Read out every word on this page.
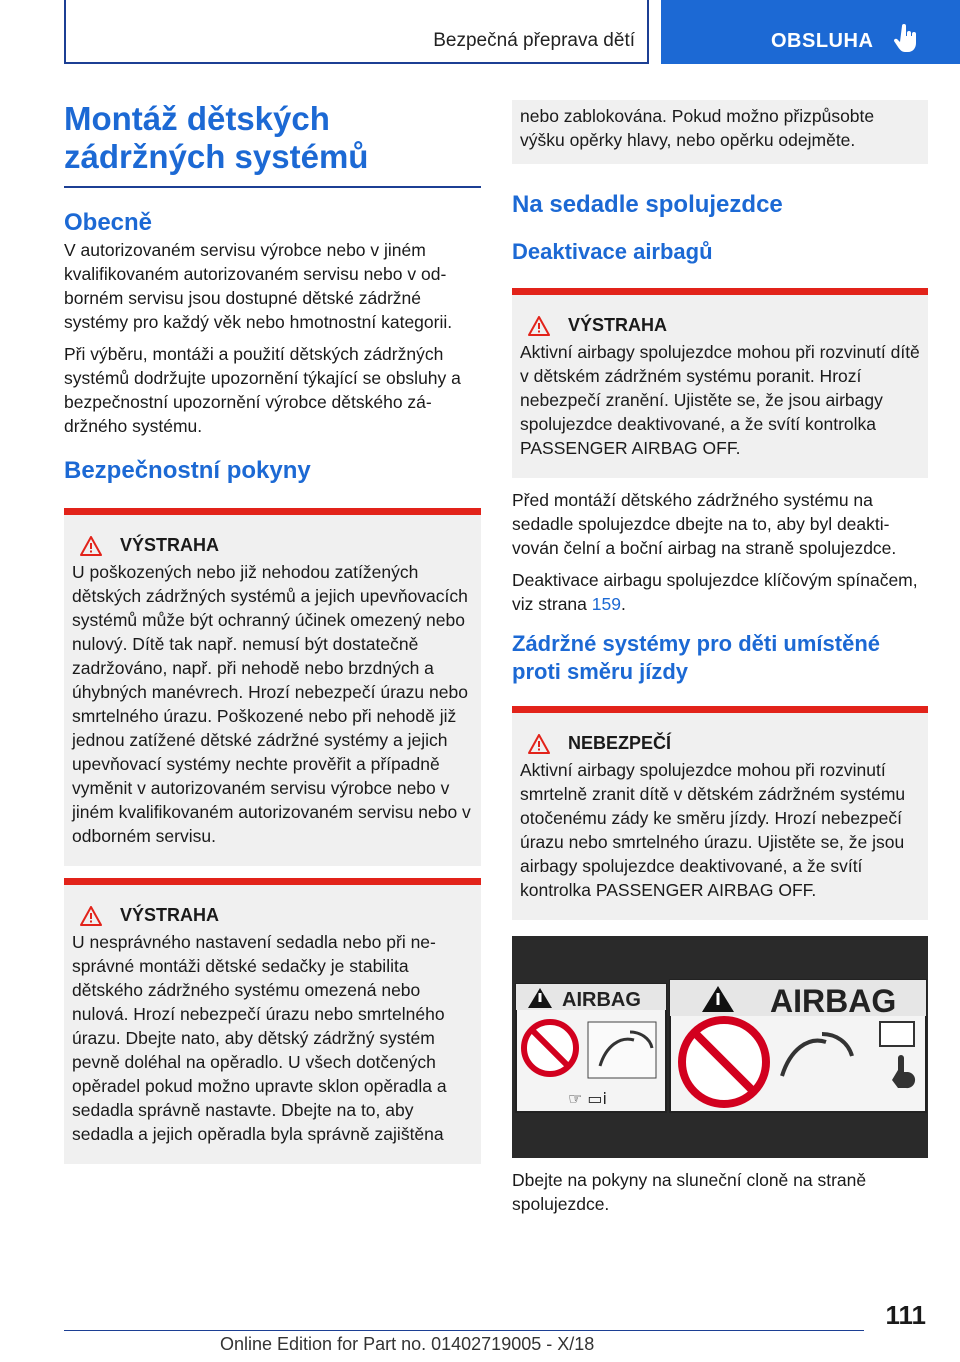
Bezpečná přeprava dětí	OBSLUHA
Montáž dětských zádržných systémů
Obecně

V autorizovaném servisu výrobce nebo v jiném kvalifikovaném autorizovaném servisu nebo v odborném servisu jsou dostupné dětské zádržné systémy pro každý věk nebo hmotnostní kategorii.

Při výběru, montáži a použití dětských zádržných systémů dodržujte upozornění týkající se obsluhy a bezpečnostní upozornění výrobce dětského zádržného systému.

Bezpečnostní pokyny
VÝSTRAHA

U poškozených nebo již nehodou zatížených dětských zádržných systémů a jejich upevňovacích systémů může být ochranný účinek omezený nebo nulový. Dítě tak např. nemusí být dostatečně zadržováno, např. při nehodě nebo brzdných a úhybných manévrech. Hrozí nebezpečí úrazu nebo smrtelného úrazu. Poškozené nebo při nehodě již jednou zatížené dětské zádržné systémy a jejich upevňovací systémy nechte prověřit a případně vyměnit v autorizovaném servisu výrobce nebo v jiném kvalifikovaném autorizovaném servisu nebo v odborném servisu.

VÝSTRAHA

U nesprávného nastavení sedadla nebo při nesprávné montáži dětské sedačky je stabilita dětského zádržného systému omezená nebo nulová. Hrozí nebezpečí úrazu nebo smrtelného úrazu. Dbejte nato, aby dětský zádržný systém pevně doléhal na opěradlo. U všech dotčených opěradel pokud možno upravte sklon opěradla a sedadla správně nastavte. Dbejte na to, aby sedadla a jejich opěradla byla správně zajištěna

nebo zablokována. Pokud možno přizpůsobte výšku opěrky hlavy, nebo opěrku odejměte.

Na sedadle spolujezdce
Deaktivace airbagů
VÝSTRAHA

Aktivní airbagy spolujezdce mohou při rozvinutí dítě v dětském zádržném systému poranit. Hrozí nebezpečí zranění. Ujistěte se, že jsou airbagy spolujezdce deaktivované, a že svítí kontrolka PASSENGER AIRBAG OFF.

Před montáží dětského zádržného systému na sedadle spolujezdce dbejte na to, aby byl deaktivován čelní a boční airbag na straně spolujezdce.

Deaktivace airbagu spolujezdce klíčovým spínačem, viz strana 159.

Zádržné systémy pro děti umístěné proti směru jízdy
NEBEZPEČÍ

Aktivní airbagy spolujezdce mohou při rozvinutí smrtelně zranit dítě v dětském zádržném systému otočenému zády ke směru jízdy. Hrozí nebezpečí úrazu nebo smrtelného úrazu. Ujistěte se, že jsou airbagy spolujezdce deaktivované, a že svítí kontrolka PASSENGER AIRBAG OFF.

AIRBAG
☞ ▭i
AIRBAG

Dbejte na pokyny na sluneční cloně na straně spolujezdce.

111
Online Edition for Part no. 01402719005 - X/18
